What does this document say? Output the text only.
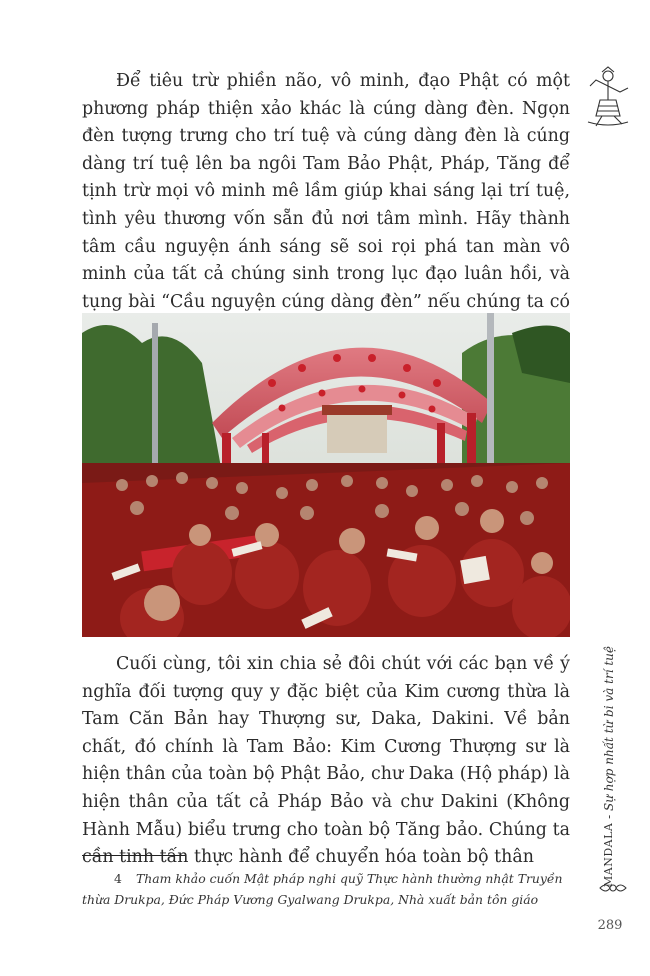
Để tiêu trừ phiền não, vô minh, đạo Phật có một phương pháp thiện xảo khác là cúng dàng đèn. Ngọn đèn tượng trưng cho trí tuệ và cúng dàng đèn là cúng dàng trí tuệ lên ba ngôi Tam Bảo Phật, Pháp, Tăng để tịnh trừ mọi vô minh mê lầm giúp khai sáng lại trí tuệ, tình yêu thương vốn sẵn đủ nơi tâm mình. Hãy thành tâm cầu nguyện ánh sáng sẽ soi rọi phá tan màn vô minh của tất cả chúng sinh trong lục đạo luân hồi, và tụng bài “Cầu nguyện cúng dàng đèn” nếu chúng ta có

Cuối cùng, tôi xin chia sẻ đôi chút với các bạn về ý nghĩa đối tượng quy y đặc biệt của Kim cương thừa là Tam Căn Bản hay Thượng sư, Daka, Dakini. Về bản chất, đó chính là Tam Bảo: Kim Cương Thượng sư là hiện thân của toàn bộ Phật Bảo, chư Daka (Hộ pháp) là hiện thân của tất cả Pháp Bảo và chư Dakini (Không Hành Mẫu) biểu trưng cho toàn bộ Tăng bảo. Chúng ta cần tinh tấn thực hành để chuyển hóa toàn bộ thân	MANDALA - Sự hợp nhất từ bi và trí tuệ

4 Tham khảo cuốn Mật pháp nghi quỹ Thực hành thường nhật Truyền thừa Drukpa, Đức Pháp Vương Gyalwang Drukpa, Nhà xuất bản tôn giáo

289
